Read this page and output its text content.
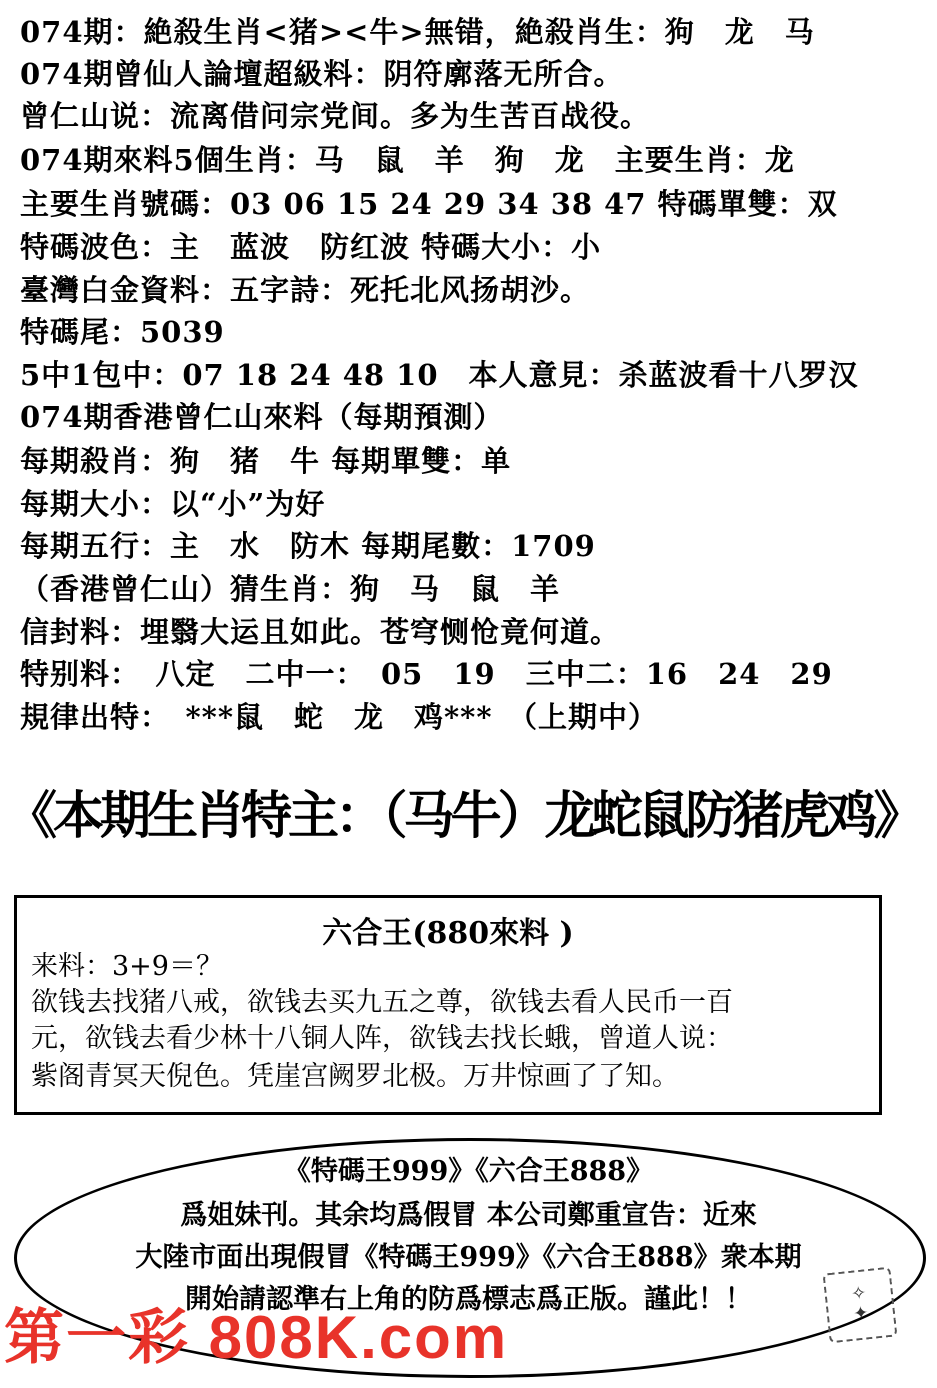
074期：絶殺生肖<猪><牛>無错，絶殺肖生：狗　龙　马
074期曾仙人論壇超級料：阴符廓落无所合。
曾仁山说：流离借问宗党间。多为生苦百战役。
074期來料5個生肖：马　鼠　羊　狗　龙　主要生肖：龙
主要生肖號碼：03 06 15 24 29 34 38 47 特碼單雙：双
特碼波色：主　蓝波　防红波 特碼大小：小
臺灣白金資料：五字詩：死托北风扬胡沙。
特碼尾：5039
5中1包中：07 18 24 48 10　本人意見：杀蓝波看十八罗汉
074期香港曾仁山來料（每期預測）
每期殺肖：狗　猪　牛 每期單雙：单
每期大小：以“小”为好
每期五行：主　水　防木 每期尾數：1709
（香港曾仁山）猜生肖：狗　马　鼠　羊
信封料：埋翳大运且如此。苍穹恻怆竟何道。
特别料：　八定　二中一：　05　19　三中二：16　24　29
規律出特：　***鼠　蛇　龙　鸡***　（上期中）
《本期生肖特主：（马牛）龙蛇鼠防猪虎鸡》
六合王(880來料 )
来料：3+9＝？
欲钱去找猪八戒，欲钱去买九五之尊，欲钱去看人民币一百
元，欲钱去看少林十八铜人阵，欲钱去找长蛾，曾道人说：
紫阁青冥天倪色。凭崖宫阙罗北极。万井惊画了了知。
《特碼王999》《六合王888》
爲姐妹刊。其余均爲假冒 本公司鄭重宣告：近來
大陸市面出現假冒《特碼王999》《六合王888》衆本期
開始請認準右上角的防爲標志爲正版。謹此！！	✧
✦
第一彩 808K.com
